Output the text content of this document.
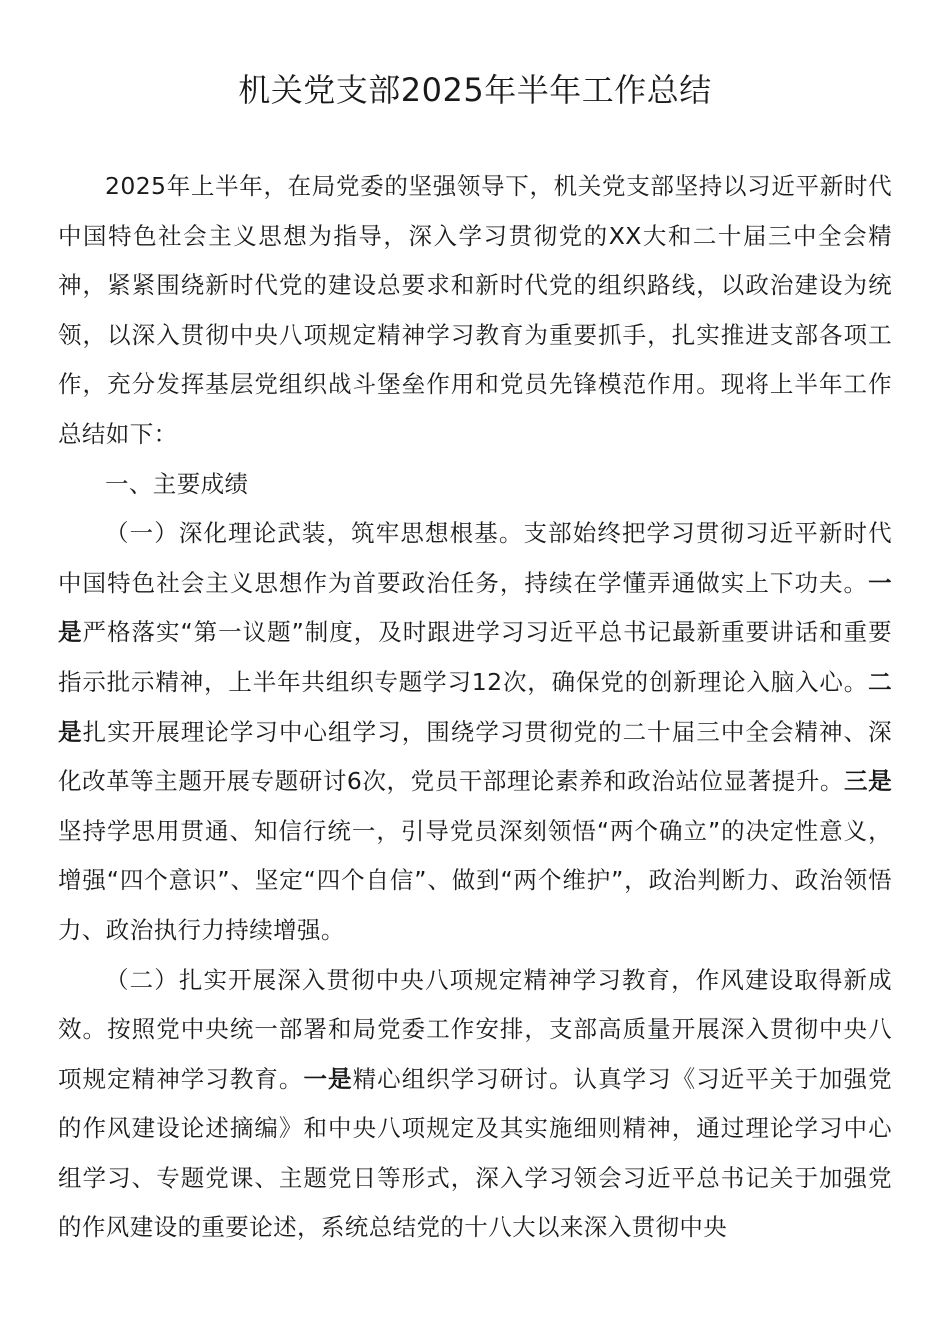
机关党支部2025年半年工作总结

2025年上半年，在局党委的坚强领导下，机关党支部坚持以习近平新时代中国特色社会主义思想为指导，深入学习贯彻党的XX大和二十届三中全会精神，紧紧围绕新时代党的建设总要求和新时代党的组织路线，以政治建设为统领，以深入贯彻中央八项规定精神学习教育为重要抓手，扎实推进支部各项工作，充分发挥基层党组织战斗堡垒作用和党员先锋模范作用。现将上半年工作总结如下：

一、主要成绩

（一）深化理论武装，筑牢思想根基。支部始终把学习贯彻习近平新时代中国特色社会主义思想作为首要政治任务，持续在学懂弄通做实上下功夫。一是严格落实“第一议题”制度，及时跟进学习习近平总书记最新重要讲话和重要指示批示精神，上半年共组织专题学习12次，确保党的创新理论入脑入心。二是扎实开展理论学习中心组学习，围绕学习贯彻党的二十届三中全会精神、深化改革等主题开展专题研讨6次，党员干部理论素养和政治站位显著提升。三是坚持学思用贯通、知信行统一，引导党员深刻领悟“两个确立”的决定性意义，增强“四个意识”、坚定“四个自信”、做到“两个维护”，政治判断力、政治领悟力、政治执行力持续增强。

（二）扎实开展深入贯彻中央八项规定精神学习教育，作风建设取得新成效。按照党中央统一部署和局党委工作安排，支部高质量开展深入贯彻中央八项规定精神学习教育。一是精心组织学习研讨。认真学习《习近平关于加强党的作风建设论述摘编》和中央八项规定及其实施细则精神，通过理论学习中心组学习、专题党课、主题党日等形式，深入学习领会习近平总书记关于加强党的作风建设的重要论述，系统总结党的十八大以来深入贯彻中央
